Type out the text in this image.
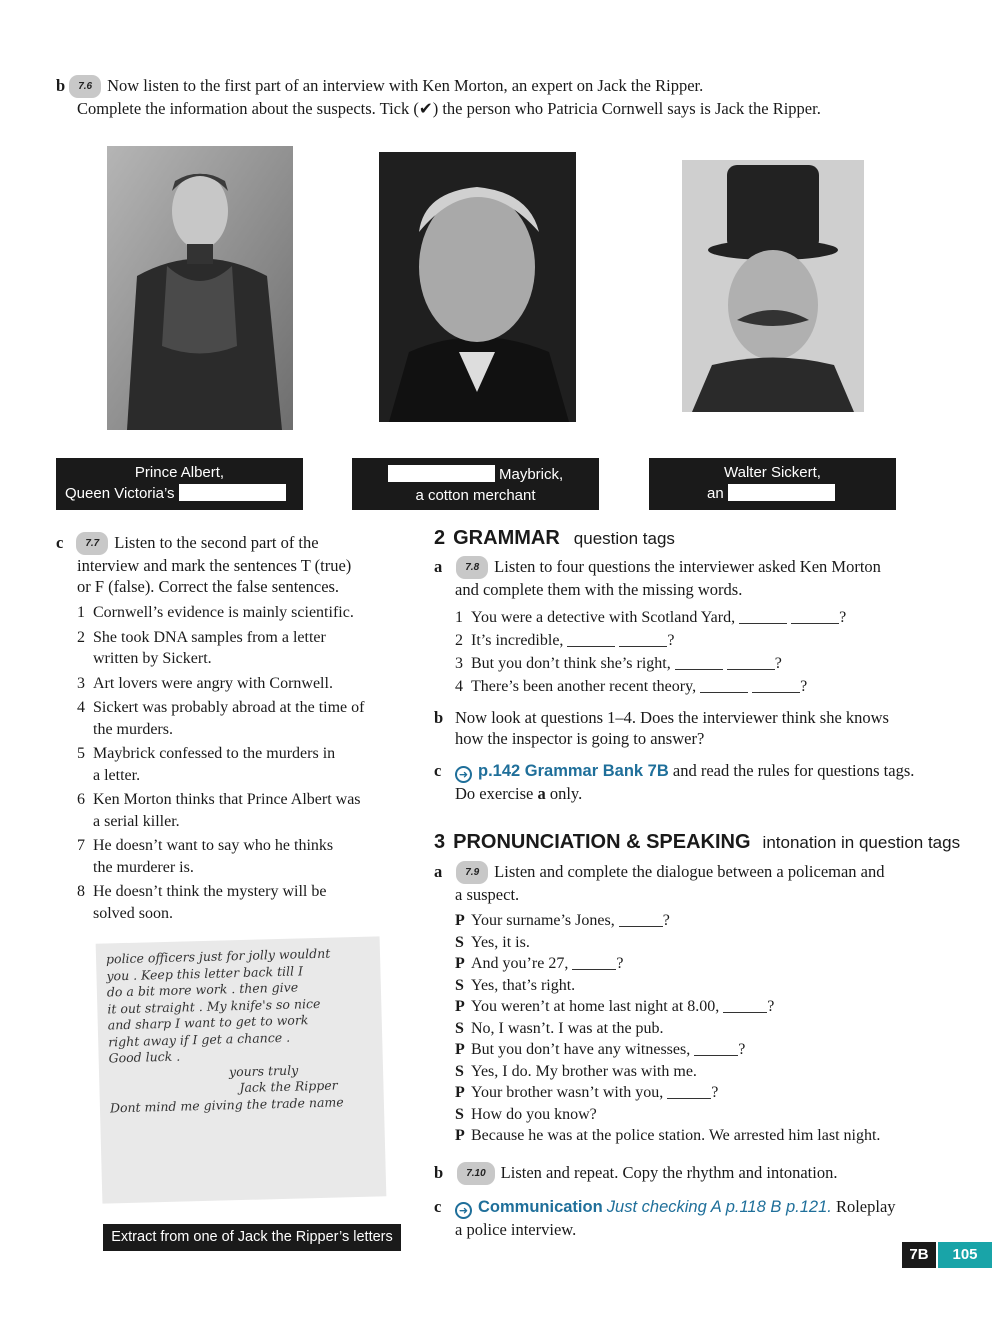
b 7.6 Now listen to the first part of an interview with Ken Morton, an expert on Jack the Ripper.
Complete the information about the suspects. Tick (✔) the person who Patricia Cornwell says is Jack the Ripper.
Prince Albert,
Queen Victoria’s
Maybrick,
a cotton merchant
Walter Sickert,
an
c 7.7 Listen to the second part of the
interview and mark the sentences T (true)
or F (false). Correct the false sentences.
1 Cornwell’s evidence is mainly scientific.
2 She took DNA samples from a letter
written by Sickert.
3 Art lovers were angry with Cornwell.
4 Sickert was probably abroad at the time of
the murders.
5 Maybrick confessed to the murders in
a letter.
6 Ken Morton thinks that Prince Albert was
a serial killer.
7 He doesn’t want to say who he thinks
the murderer is.
8 He doesn’t think the mystery will be
solved soon.
police officers just for jolly wouldnt
you . Keep this letter back till I
do a bit more work . then give
it out straight . My knife's so nice
and sharp I want to get to work
right away if I get a chance .
Good luck .
yours truly
Jack the Ripper
Dont mind me giving the trade name
Extract from one of Jack the Ripper’s letters
2 GRAMMAR question tags
a 7.8 Listen to four questions the interviewer asked Ken Morton
and complete them with the missing words.
1 You were a detective with Scotland Yard,	?
2 It’s incredible,	?
3 But you don’t think she’s right,	?
4 There’s been another recent theory,	?
b Now look at questions 1–4. Does the interviewer think she knows
how the inspector is going to answer?
c ➜ p.142 Grammar Bank 7B and read the rules for questions tags.
Do exercise a only.
3 PRONUNCIATION & SPEAKING intonation in question tags
a 7.9 Listen and complete the dialogue between a policeman and
a suspect.
P Your surname’s Jones,	?
S Yes, it is.
P And you’re 27,	?
S Yes, that’s right.
P You weren’t at home last night at 8.00,	?
S No, I wasn’t. I was at the pub.
P But you don’t have any witnesses,	?
S Yes, I do. My brother was with me.
P Your brother wasn’t with you,	?
S How do you know?
P Because he was at the police station. We arrested him last night.
b 7.10 Listen and repeat. Copy the rhythm and intonation.
c ➜ Communication Just checking A p.118 B p.121. Roleplay
a police interview.
7B	105
